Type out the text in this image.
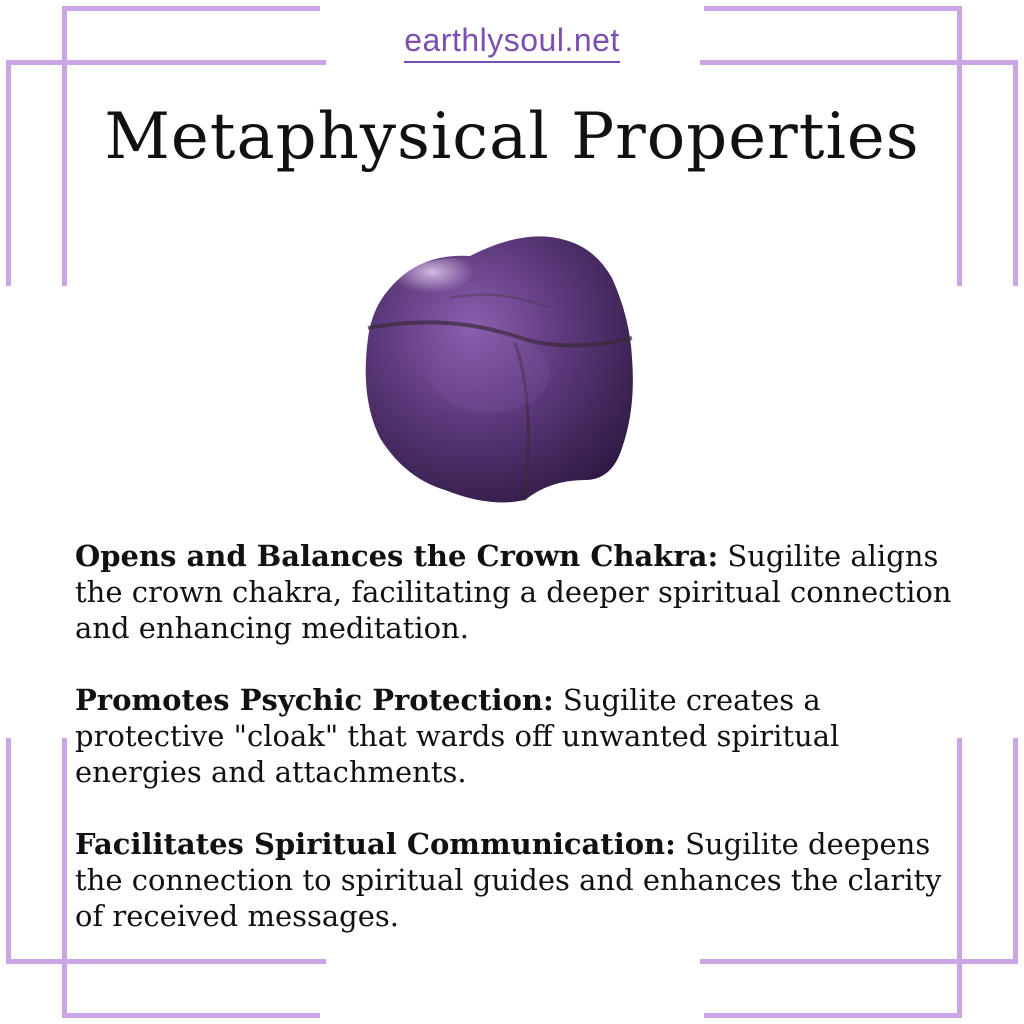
earthlysoul.net
Metaphysical Properties

Opens and Balances the Crown Chakra: Sugilite aligns the crown chakra, facilitating a deeper spiritual connection and enhancing meditation.

Promotes Psychic Protection: Sugilite creates a protective "cloak" that wards off unwanted spiritual energies and attachments.

Facilitates Spiritual Communication: Sugilite deepens the connection to spiritual guides and enhances the clarity of received messages.
